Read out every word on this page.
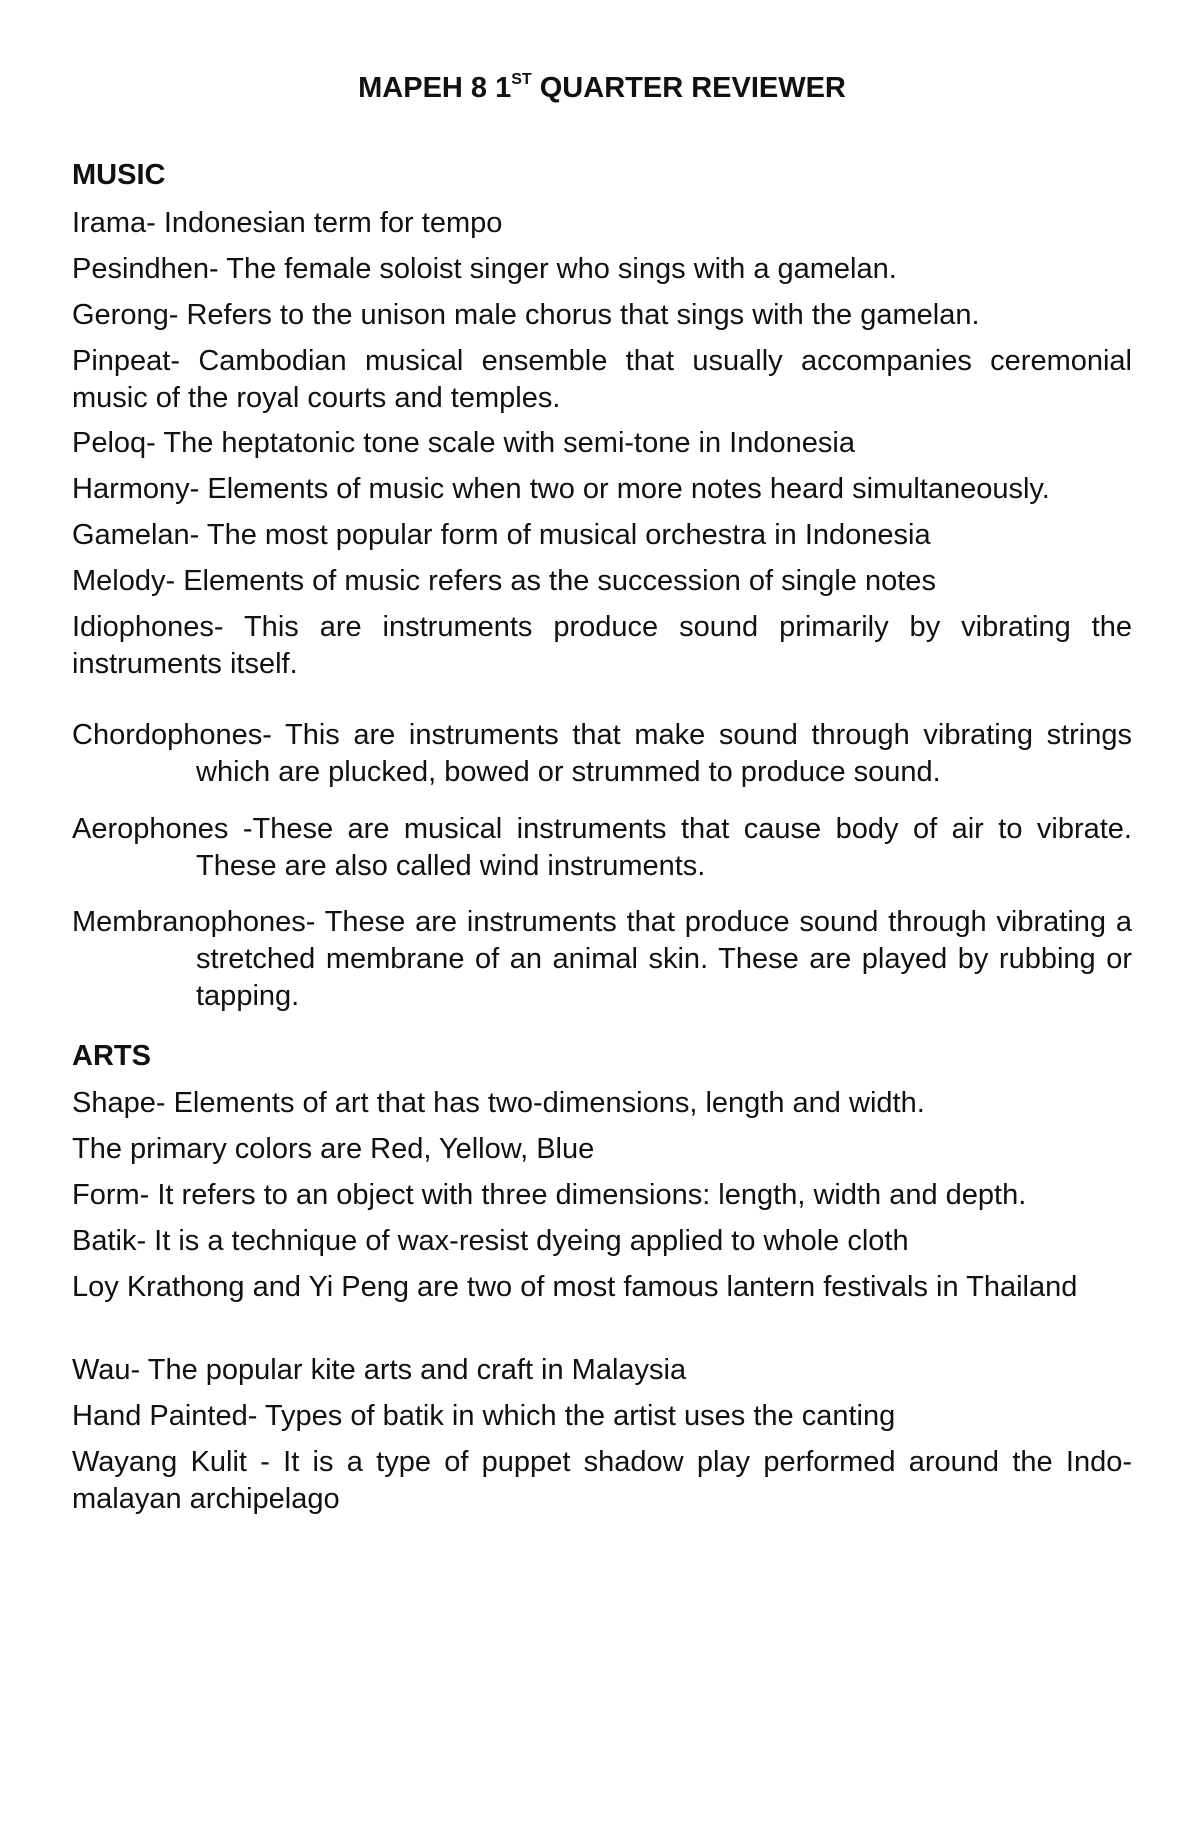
MAPEH 8 1ST QUARTER REVIEWER
MUSIC
Irama- Indonesian term for tempo
Pesindhen- The female soloist singer who sings with a gamelan.
Gerong- Refers to the unison male chorus that sings with the gamelan.
Pinpeat- Cambodian musical ensemble that usually accompanies ceremonial music of the royal courts and temples.
Peloq- The heptatonic tone scale with semi-tone in Indonesia
Harmony- Elements of music when two or more notes heard simultaneously.
Gamelan- The most popular form of musical orchestra in Indonesia
Melody- Elements of music refers as the succession of single notes
Idiophones- This are instruments produce sound primarily by vibrating the instruments itself.
Chordophones- This are instruments that make sound through vibrating strings which are plucked, bowed or strummed to produce sound.
Aerophones -These are musical instruments that cause body of air to vibrate. These are also called wind instruments.
Membranophones- These are instruments that produce sound through vibrating a stretched membrane of an animal skin. These are played by rubbing or tapping.
ARTS
Shape- Elements of art that has two-dimensions, length and width.
The primary colors are Red, Yellow, Blue
Form- It refers to an object with three dimensions: length, width and depth.
Batik- It is a technique of wax-resist dyeing applied to whole cloth
Loy Krathong and Yi Peng are two of most famous lantern festivals in Thailand
Wau- The popular kite arts and craft in Malaysia
Hand Painted- Types of batik in which the artist uses the canting
Wayang Kulit - It is a type of puppet shadow play performed around the Indo-malayan archipelago
